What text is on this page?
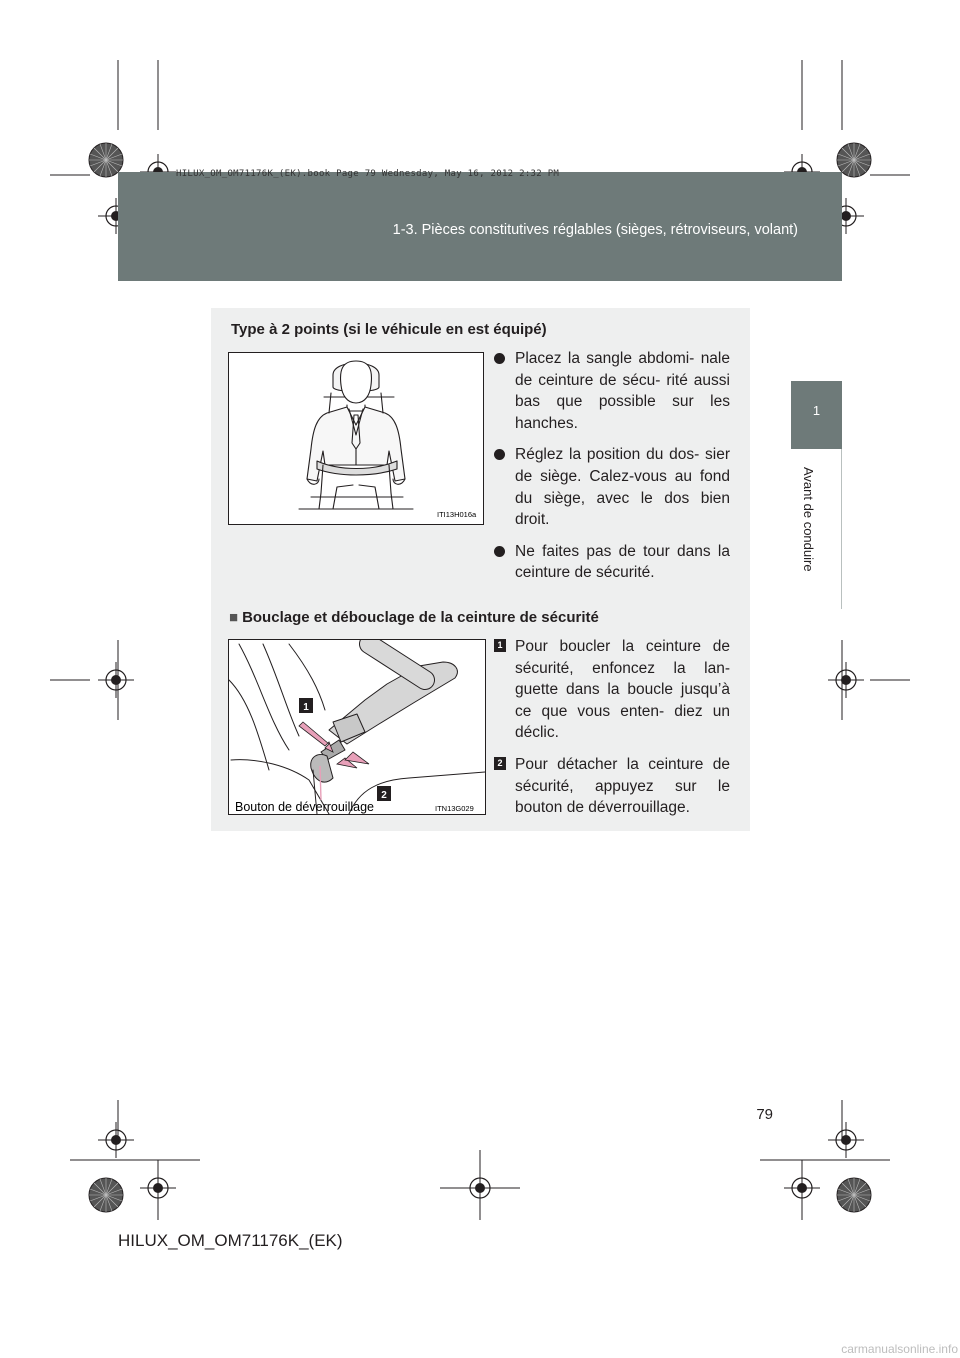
1-3. Pièces constitutives réglables (sièges, rétroviseurs, volant)
HILUX_OM_OM71176K_(EK).book Page 79 Wednesday, May 16, 2012 2:32 PM
1
Avant de conduire
Type à 2 points (si le véhicule en est équipé)
ITI13H016a
Placez la sangle abdomi- nale de ceinture de sécu- rité aussi bas que possible sur les hanches.
Réglez la position du dos- sier de siège. Calez-vous au fond du siège, avec le dos bien droit.
Ne faites pas de tour dans la ceinture de sécurité.
■ Bouclage et débouclage de la ceinture de sécurité
1
2
Bouton de déverrouillage	ITN13G029
1 Pour boucler la ceinture de sécurité, enfoncez la lan- guette dans la boucle jusqu’à ce que vous enten- diez un déclic.
2 Pour détacher la ceinture de sécurité, appuyez sur le bouton de déverrouillage.
79
HILUX_OM_OM71176K_(EK)
carmanualsonline.info
